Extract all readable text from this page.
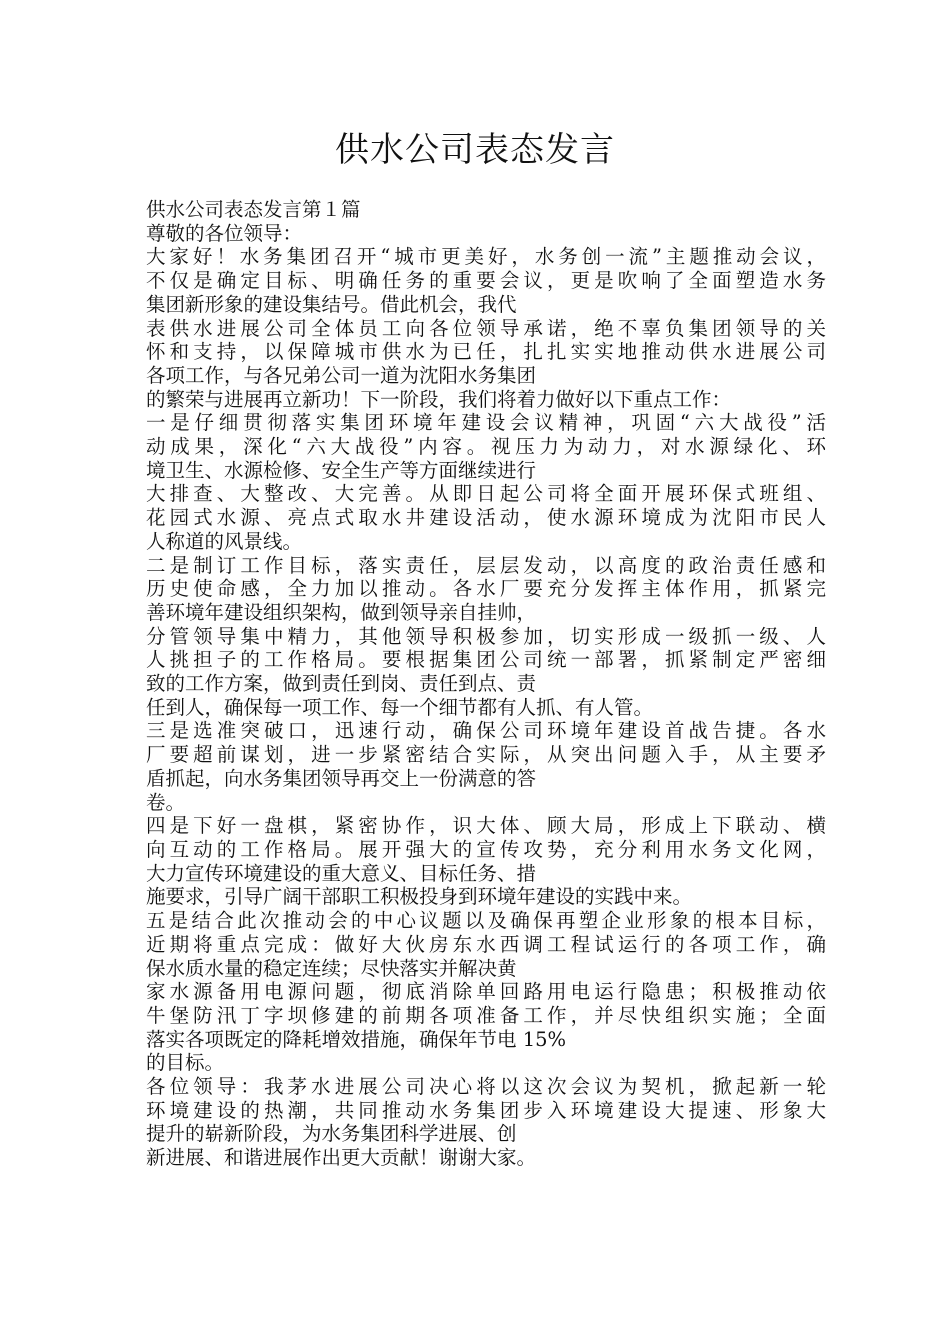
供水公司表态发言
供水公司表态发言第１篇
尊敬的各位领导：
大家好！水务集团召开“城市更美好，水务创一流”主题推动会议，
不仅是确定目标、明确任务的重要会议，更是吹响了全面塑造水务
集团新形象的建设集结号。借此机会，我代
表供水进展公司全体员工向各位领导承诺，绝不辜负集团领导的关
怀和支持，以保障城市供水为已任，扎扎实实地推动供水进展公司
各项工作，与各兄弟公司一道为沈阳水务集团
的繁荣与进展再立新功！下一阶段，我们将着力做好以下重点工作：
一是仔细贯彻落实集团环境年建设会议精神，巩固“六大战役”活
动成果，深化“六大战役”内容。视压力为动力，对水源绿化、环
境卫生、水源检修、安全生产等方面继续进行
大排查、大整改、大完善。从即日起公司将全面开展环保式班组、
花园式水源、亮点式取水井建设活动，使水源环境成为沈阳市民人
人称道的风景线。
二是制订工作目标，落实责任，层层发动，以高度的政治责任感和
历史使命感，全力加以推动。各水厂要充分发挥主体作用，抓紧完
善环境年建设组织架构，做到领导亲自挂帅，
分管领导集中精力，其他领导积极参加，切实形成一级抓一级、人
人挑担子的工作格局。要根据集团公司统一部署，抓紧制定严密细
致的工作方案，做到责任到岗、责任到点、责
任到人，确保每一项工作、每一个细节都有人抓、有人管。
三是选准突破口，迅速行动，确保公司环境年建设首战告捷。各水
厂要超前谋划，进一步紧密结合实际，从突出问题入手，从主要矛
盾抓起，向水务集团领导再交上一份满意的答
卷。
四是下好一盘棋，紧密协作，识大体、顾大局，形成上下联动、横
向互动的工作格局。展开强大的宣传攻势，充分利用水务文化网，
大力宣传环境建设的重大意义、目标任务、措
施要求，引导广阔干部职工积极投身到环境年建设的实践中来。
五是结合此次推动会的中心议题以及确保再塑企业形象的根本目标，
近期将重点完成：做好大伙房东水西调工程试运行的各项工作，确
保水质水量的稳定连续；尽快落实并解决黄
家水源备用电源问题，彻底消除单回路用电运行隐患；积极推动依
牛堡防汛丁字坝修建的前期各项准备工作，并尽快组织实施；全面
落实各项既定的降耗增效措施，确保年节电 15%
的目标。
各位领导：我茅水进展公司决心将以这次会议为契机，掀起新一轮
环境建设的热潮，共同推动水务集团步入环境建设大提速、形象大
提升的崭新阶段，为水务集团科学进展、创
新进展、和谐进展作出更大贡献！谢谢大家。
